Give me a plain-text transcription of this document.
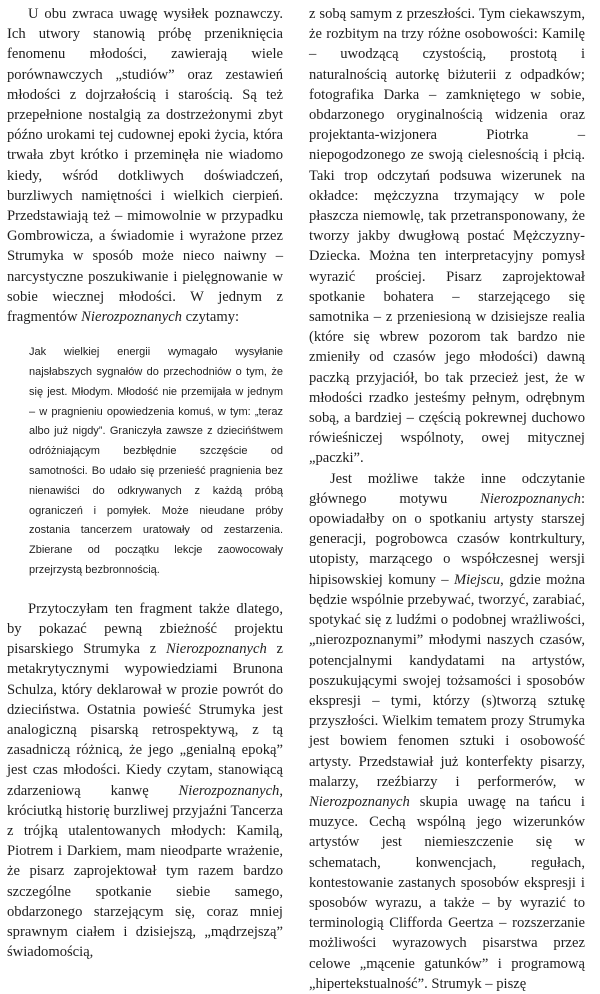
U obu zwraca uwagę wysiłek poznawczy. Ich utwory stanowią próbę przeniknięcia fenomenu młodości, zawierają wiele porównawczych „studiów” oraz zestawień młodości z dojrzałością i starością. Są też przepełnione nostalgią za dostrzeżonymi zbyt późno urokami tej cudownej epoki życia, która trwała zbyt krótko i przeminęła nie wiadomo kiedy, wśród dotkliwych doświadczeń, burzliwych namiętności i wielkich cierpień. Przedstawiają też – mimowolnie w przypadku Gombrowicza, a świadomie i wyrażone przez Strumyka w sposób może nieco naiwny – narcystyczne poszukiwanie i pielęgnowanie w sobie wiecznej młodości. W jednym z fragmentów Nierozpoznanych czytamy:

Jak wielkiej energii wymagało wysyłanie najsłabszych sygnałów do przechodniów o tym, że się jest. Młodym. Młodość nie przemijała w jednym – w pragnieniu opowiedzenia komuś, w tym: „teraz albo już nigdy”. Graniczyła zawsze z dziecińśtwem odróżniającym bezbłędnie szczęście od samotności. Bo udało się przenieść pragnienia bez nienawiści do odkrywanych z każdą próbą ograniczeń i pomyłek. Może nieudane próby zostania tancerzem uratowały od zestarzenia. Zbierane od początku lekcje zaowocowały przejrzystą bezbronnością.

Przytoczyłam ten fragment także dlatego, by pokazać pewną zbieżność projektu pisarskiego Strumyka z Nierozpoznanych z metakrytycznymi wypowiedziami Brunona Schulza, który deklarował w prozie powrót do dzieciństwa. Ostatnia powieść Strumyka jest analogiczną pisarską retrospektywą, z tą zasadniczą różnicą, że jego „genialną epoką” jest czas młodości. Kiedy czytam, stanowiącą zdarzeniową kanwę Nierozpoznanych, króciutką historię burzliwej przyjaźni Tancerza z trójką utalentowanych młodych: Kamilą, Piotrem i Darkiem, mam nieodparte wrażenie, że pisarz zaprojektował tym razem bardzo szczególne spotkanie siebie samego, obdarzonego starzejącym się, coraz mniej sprawnym ciałem i dzisiejszą, „mądrzejszą” świadomością,

z sobą samym z przeszłości. Tym ciekawszym, że rozbitym na trzy różne osobowości: Kamilę – uwodzącą czystością, prostotą i naturalnością autorkę biżuterii z odpadków; fotografika Darka – zamkniętego w sobie, obdarzonego oryginalnością widzenia oraz projektanta-wizjonera Piotrka – niepogodzonego ze swoją cielesnością i płcią. Taki trop odczytań podsuwa wizerunek na okładce: mężczyzna trzymający w pole płaszcza niemowlę, tak przetransponowany, że tworzy jakby dwugłową postać Mężczyzny-Dziecka. Można ten interpretacyjny pomysł wyrazić prościej. Pisarz zaprojektował spotkanie bohatera – starzejącego się samotnika – z przeniesioną w dzisiejsze realia (które się wbrew pozorom tak bardzo nie zmieniły od czasów jego młodości) dawną paczką przyjaciół, bo tak przecież jest, że w młodości rzadko jesteśmy pełnym, odrębnym sobą, a bardziej – częścią pokrewnej duchowo rówieśniczej wspólnoty, owej mitycznej „paczki”.

Jest możliwe także inne odczytanie głównego motywu Nierozpoznanych: opowiadałby on o spotkaniu artysty starszej generacji, pogrobowca czasów kontrkultury, utopisty, marzącego o współczesnej wersji hipisowskiej komuny – Miejscu, gdzie można będzie wspólnie przebywać, tworzyć, zarabiać, spotykać się z ludźmi o podobnej wrażliwości, „nierozpoznanymi” młodymi naszych czasów, potencjalnymi kandydatami na artystów, poszukującymi swojej tożsamości i sposobów ekspresji – tymi, którzy (s)tworzą sztukę przyszłości. Wielkim tematem prozy Strumyka jest bowiem fenomen sztuki i osobowość artysty. Przedstawiał już konterfekty pisarzy, malarzy, rzeźbiarzy i performerów, w Nierozpoznanych skupia uwagę na tańcu i muzyce. Cechą wspólną jego wizerunków artystów jest niemieszczenie się w schematach, konwencjach, regułach, kontestowanie zastanych sposobów ekspresji i sposobów wyrazu, a także – by wyrazić to terminologią Clifforda Geertza – rozszerzanie możliwości wyrazowych pisarstwa przez celowe „mącenie gatunków” i programową „hipertekstualność”. Strumyk – piszę
